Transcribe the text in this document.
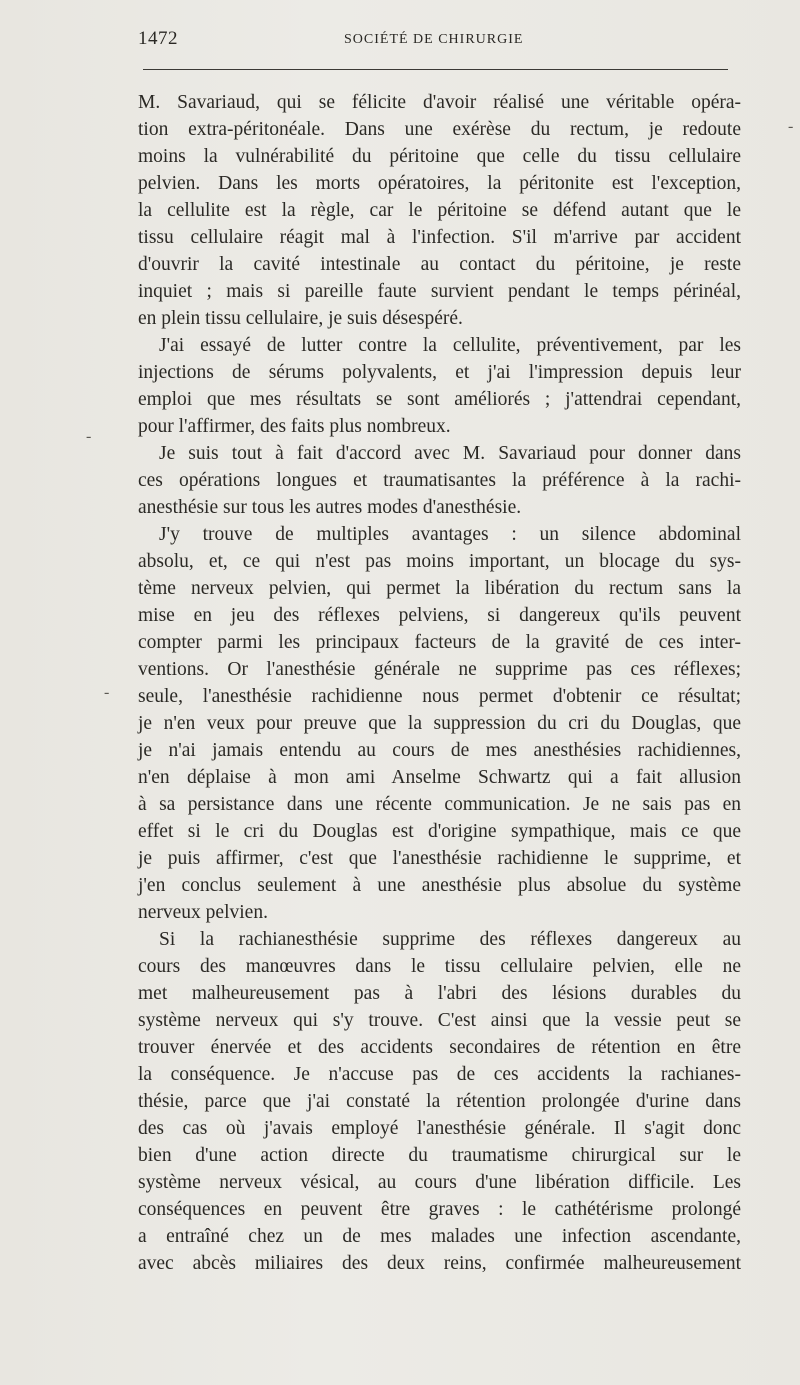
1472	SOCIÉTÉ DE CHIRURGIE
-
-
-
M. Savariaud, qui se félicite d'avoir réalisé une véritable opéra-
tion extra-péritonéale. Dans une exérèse du rectum, je redoute
moins la vulnérabilité du péritoine que celle du tissu cellulaire
pelvien. Dans les morts opératoires, la péritonite est l'exception,
la cellulite est la règle, car le péritoine se défend autant que le
tissu cellulaire réagit mal à l'infection. S'il m'arrive par accident
d'ouvrir la cavité intestinale au contact du péritoine, je reste
inquiet ; mais si pareille faute survient pendant le temps périnéal,
en plein tissu cellulaire, je suis désespéré.
J'ai essayé de lutter contre la cellulite, préventivement, par les
injections de sérums polyvalents, et j'ai l'impression depuis leur
emploi que mes résultats se sont améliorés ; j'attendrai cependant,
pour l'affirmer, des faits plus nombreux.
Je suis tout à fait d'accord avec M. Savariaud pour donner dans
ces opérations longues et traumatisantes la préférence à la rachi-
anesthésie sur tous les autres modes d'anesthésie.
J'y trouve de multiples avantages : un silence abdominal
absolu, et, ce qui n'est pas moins important, un blocage du sys-
tème nerveux pelvien, qui permet la libération du rectum sans la
mise en jeu des réflexes pelviens, si dangereux qu'ils peuvent
compter parmi les principaux facteurs de la gravité de ces inter-
ventions. Or l'anesthésie générale ne supprime pas ces réflexes;
seule, l'anesthésie rachidienne nous permet d'obtenir ce résultat;
je n'en veux pour preuve que la suppression du cri du Douglas, que
je n'ai jamais entendu au cours de mes anesthésies rachidiennes,
n'en déplaise à mon ami Anselme Schwartz qui a fait allusion
à sa persistance dans une récente communication. Je ne sais pas en
effet si le cri du Douglas est d'origine sympathique, mais ce que
je puis affirmer, c'est que l'anesthésie rachidienne le supprime, et
j'en conclus seulement à une anesthésie plus absolue du système
nerveux pelvien.
Si la rachianesthésie supprime des réflexes dangereux au
cours des manœuvres dans le tissu cellulaire pelvien, elle ne
met malheureusement pas à l'abri des lésions durables du
système nerveux qui s'y trouve. C'est ainsi que la vessie peut se
trouver énervée et des accidents secondaires de rétention en être
la conséquence. Je n'accuse pas de ces accidents la rachianes-
thésie, parce que j'ai constaté la rétention prolongée d'urine dans
des cas où j'avais employé l'anesthésie générale. Il s'agit donc
bien d'une action directe du traumatisme chirurgical sur le
système nerveux vésical, au cours d'une libération difficile. Les
conséquences en peuvent être graves : le cathétérisme prolongé
a entraîné chez un de mes malades une infection ascendante,
avec abcès miliaires des deux reins, confirmée malheureusement
